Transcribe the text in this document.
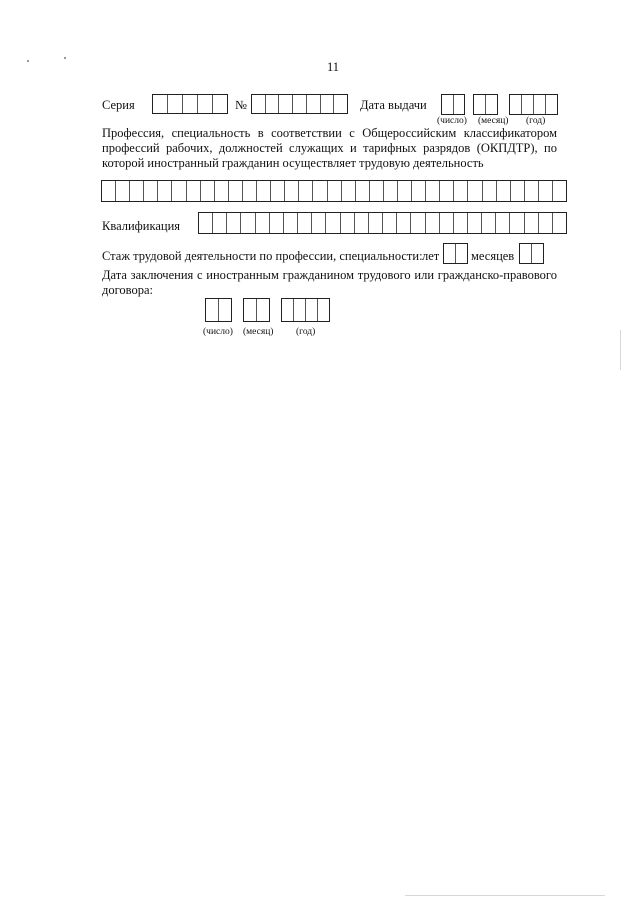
11
Серия	№	Дата выдачи
(число) (месяц) (год)
Профессия, специальность в соответствии с Общероссийским классификатором
профессий рабочих, должностей служащих и тарифных разрядов (ОКПДТР), по
которой иностранный гражданин осуществляет трудовую деятельность
Квалификация
Стаж трудовой деятельности по профессии, специальности: лет	месяцев
Дата заключения с иностранным гражданином трудового или гражданско-правового
договора:
(число) (месяц) (год)
